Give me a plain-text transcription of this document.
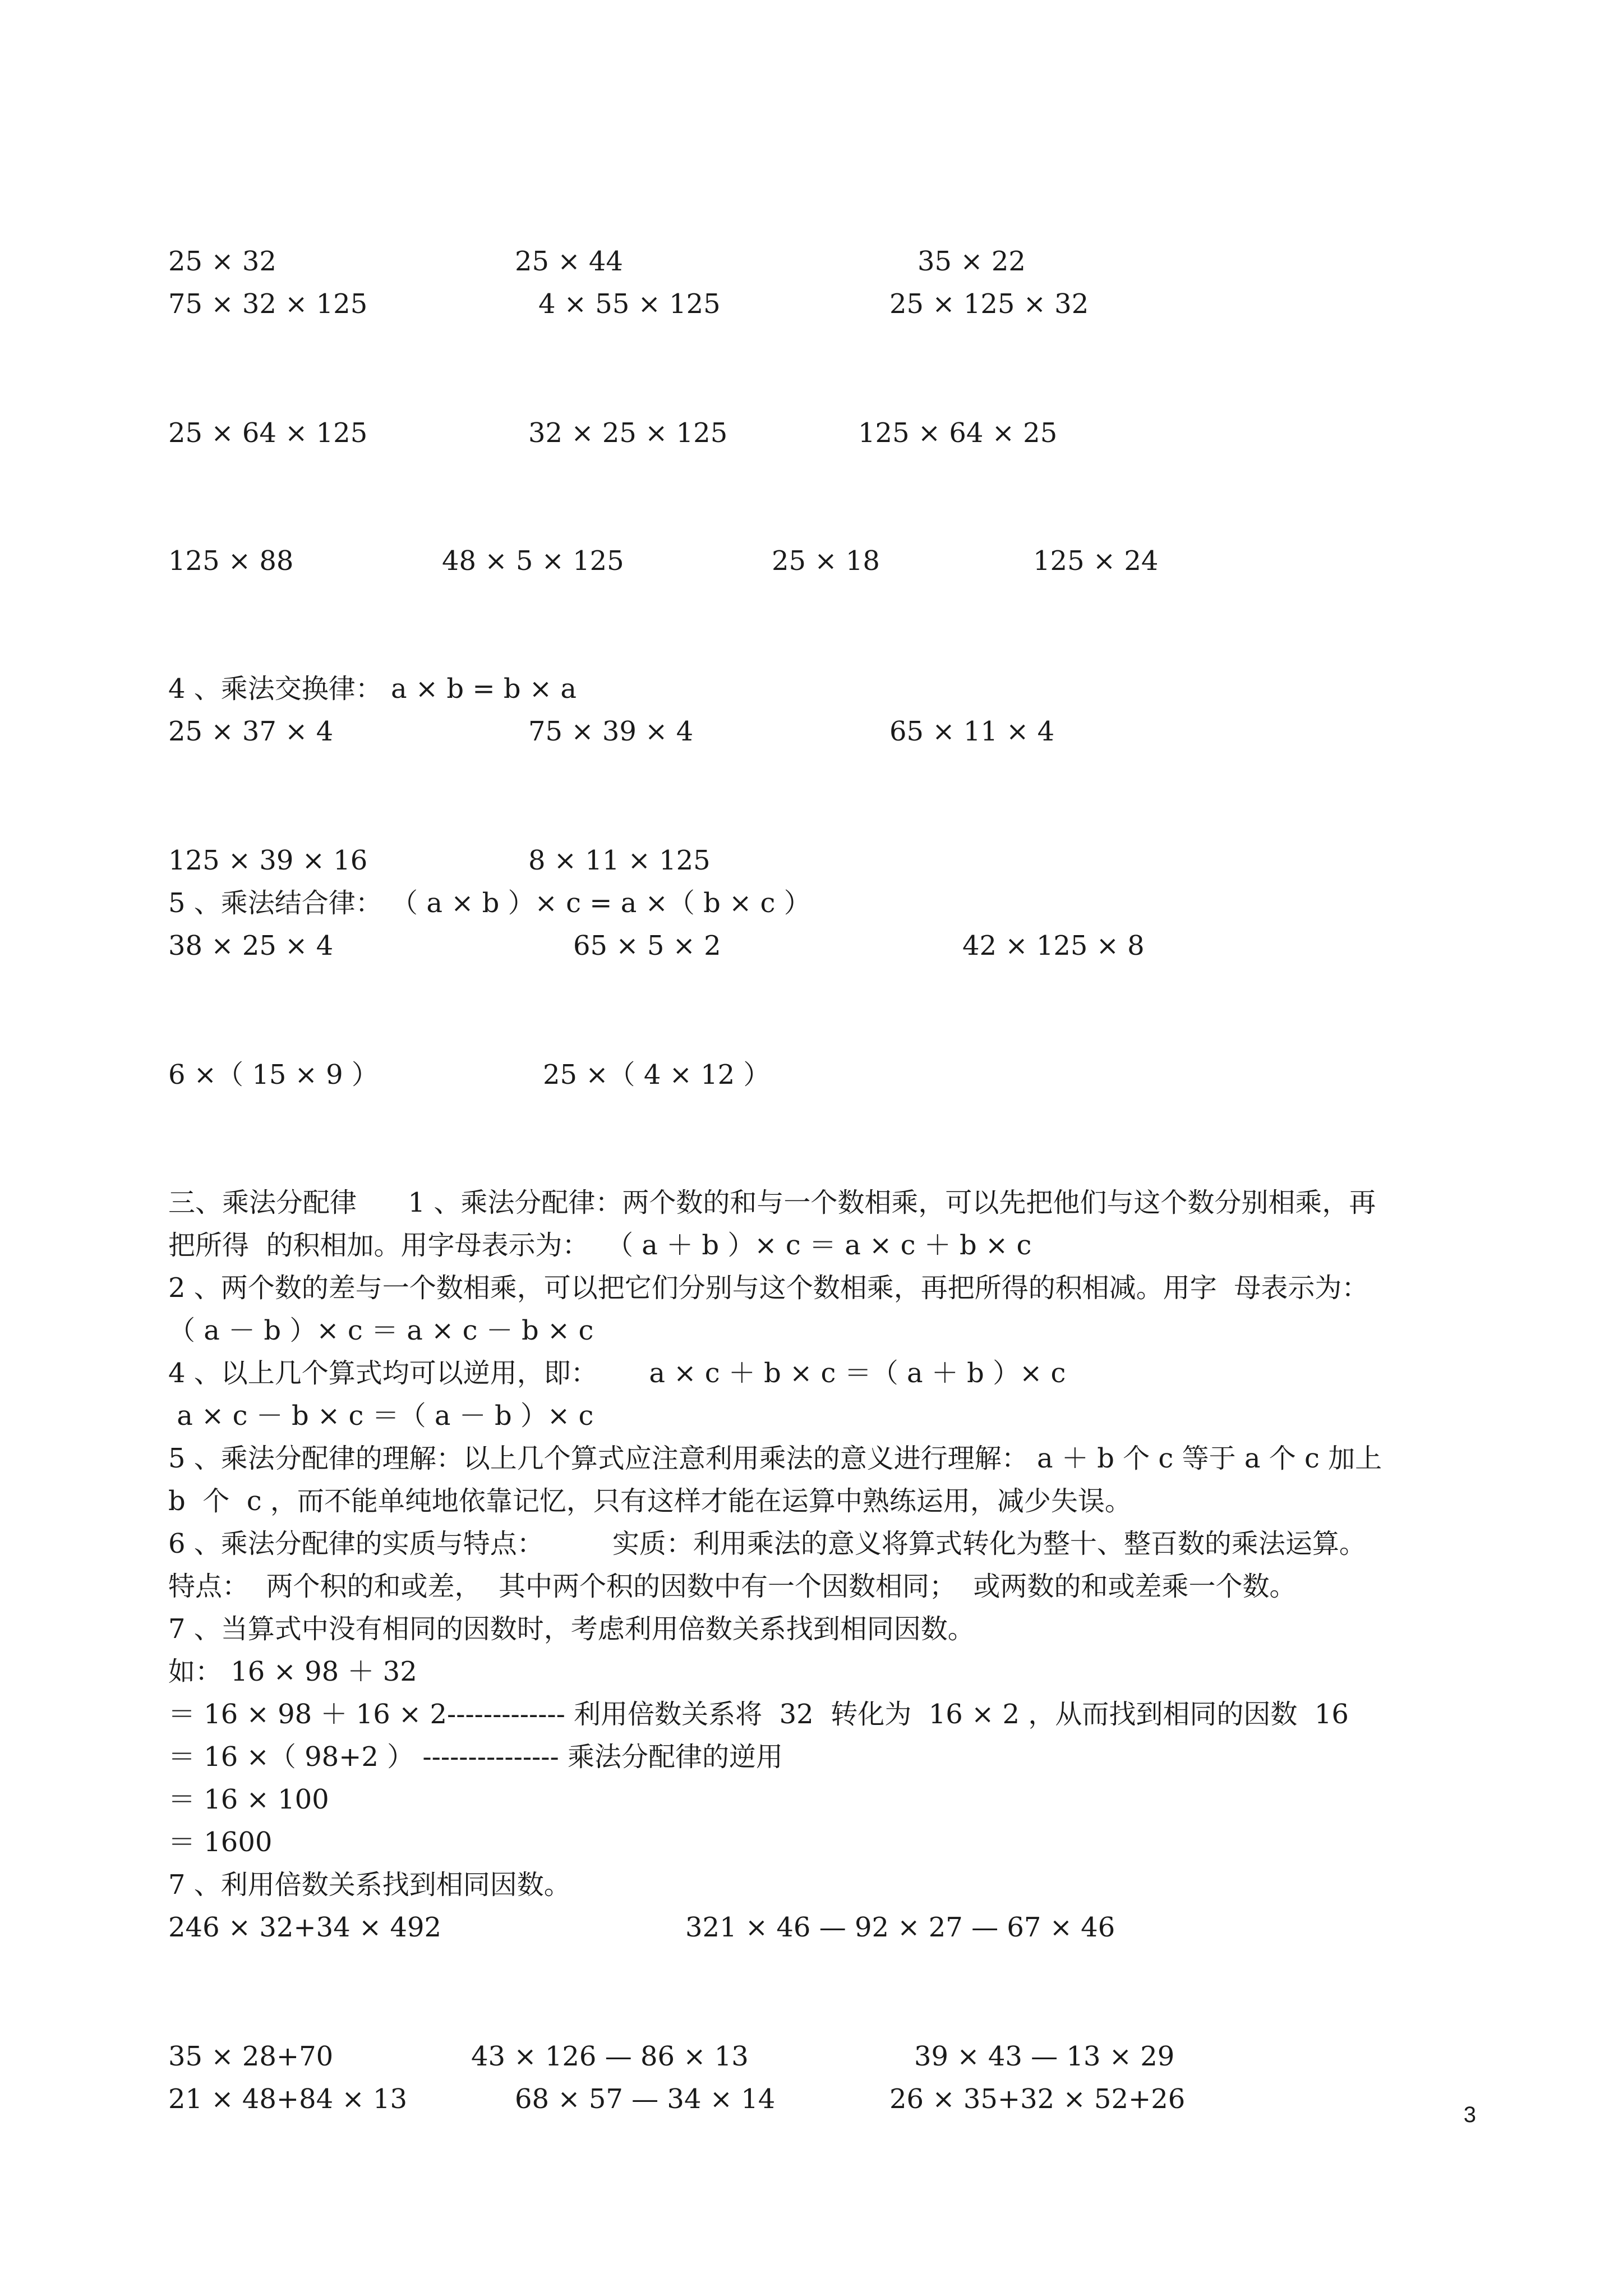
25 × 32	25 × 44	35 × 22
75 × 32 × 125	4 × 55 × 125	25 × 125 × 32
25 × 64 × 125	32 × 25 × 125	125 × 64 × 25
125 × 88	48 × 5 × 125	25 × 18	125 × 24
4 、乘法交换律： a × b = b × a
25 × 37 × 4	75 × 39 × 4	65 × 11 × 4
125 × 39 × 16	8 × 11 × 125
5 、乘法结合律： （ a × b ）× c = a ×（ b × c ）
38 × 25 × 4	65 × 5 × 2	42 × 125 × 8
6 ×（ 15 × 9 ）	25 ×（ 4 × 12 ）
三、乘法分配律      1 、乘法分配律：两个数的和与一个数相乘，可以先把他们与这个数分别相乘，再
把所得  的积相加。用字母表示为：  （ a ＋ b ）× c ＝ a × c ＋ b × c
2 、两个数的差与一个数相乘，可以把它们分别与这个数相乘，再把所得的积相减。用字  母表示为：
（ a － b ）× c ＝ a × c － b × c
4 、以上几个算式均可以逆用，即：      a × c ＋ b × c ＝（ a ＋ b ）× c
a × c － b × c ＝（ a － b ）× c
5 、乘法分配律的理解：以上几个算式应注意利用乘法的意义进行理解： a ＋ b 个 c 等于 a 个 c 加上
b  个  c ，而不能单纯地依靠记忆，只有这样才能在运算中熟练运用，减少失误。
6 、乘法分配律的实质与特点：        实质：利用乘法的意义将算式转化为整十、整百数的乘法运算。
特点：  两个积的和或差，  其中两个积的因数中有一个因数相同；  或两数的和或差乘一个数。
7 、当算式中没有相同的因数时，考虑利用倍数关系找到相同因数。
如： 16 × 98 ＋ 32
＝ 16 × 98 ＋ 16 × 2------------- 利用倍数关系将  32  转化为  16 × 2 ，从而找到相同的因数  16
＝ 16 ×（ 98+2 ） --------------- 乘法分配律的逆用
＝ 16 × 100
＝ 1600
7 、利用倍数关系找到相同因数。
246 × 32+34 × 492	321 × 46 — 92 × 27 — 67 × 46
35 × 28+70	43 × 126 — 86 × 13	39 × 43 — 13 × 29
21 × 48+84 × 13	68 × 57 — 34 × 14	26 × 35+32 × 52+26	3
